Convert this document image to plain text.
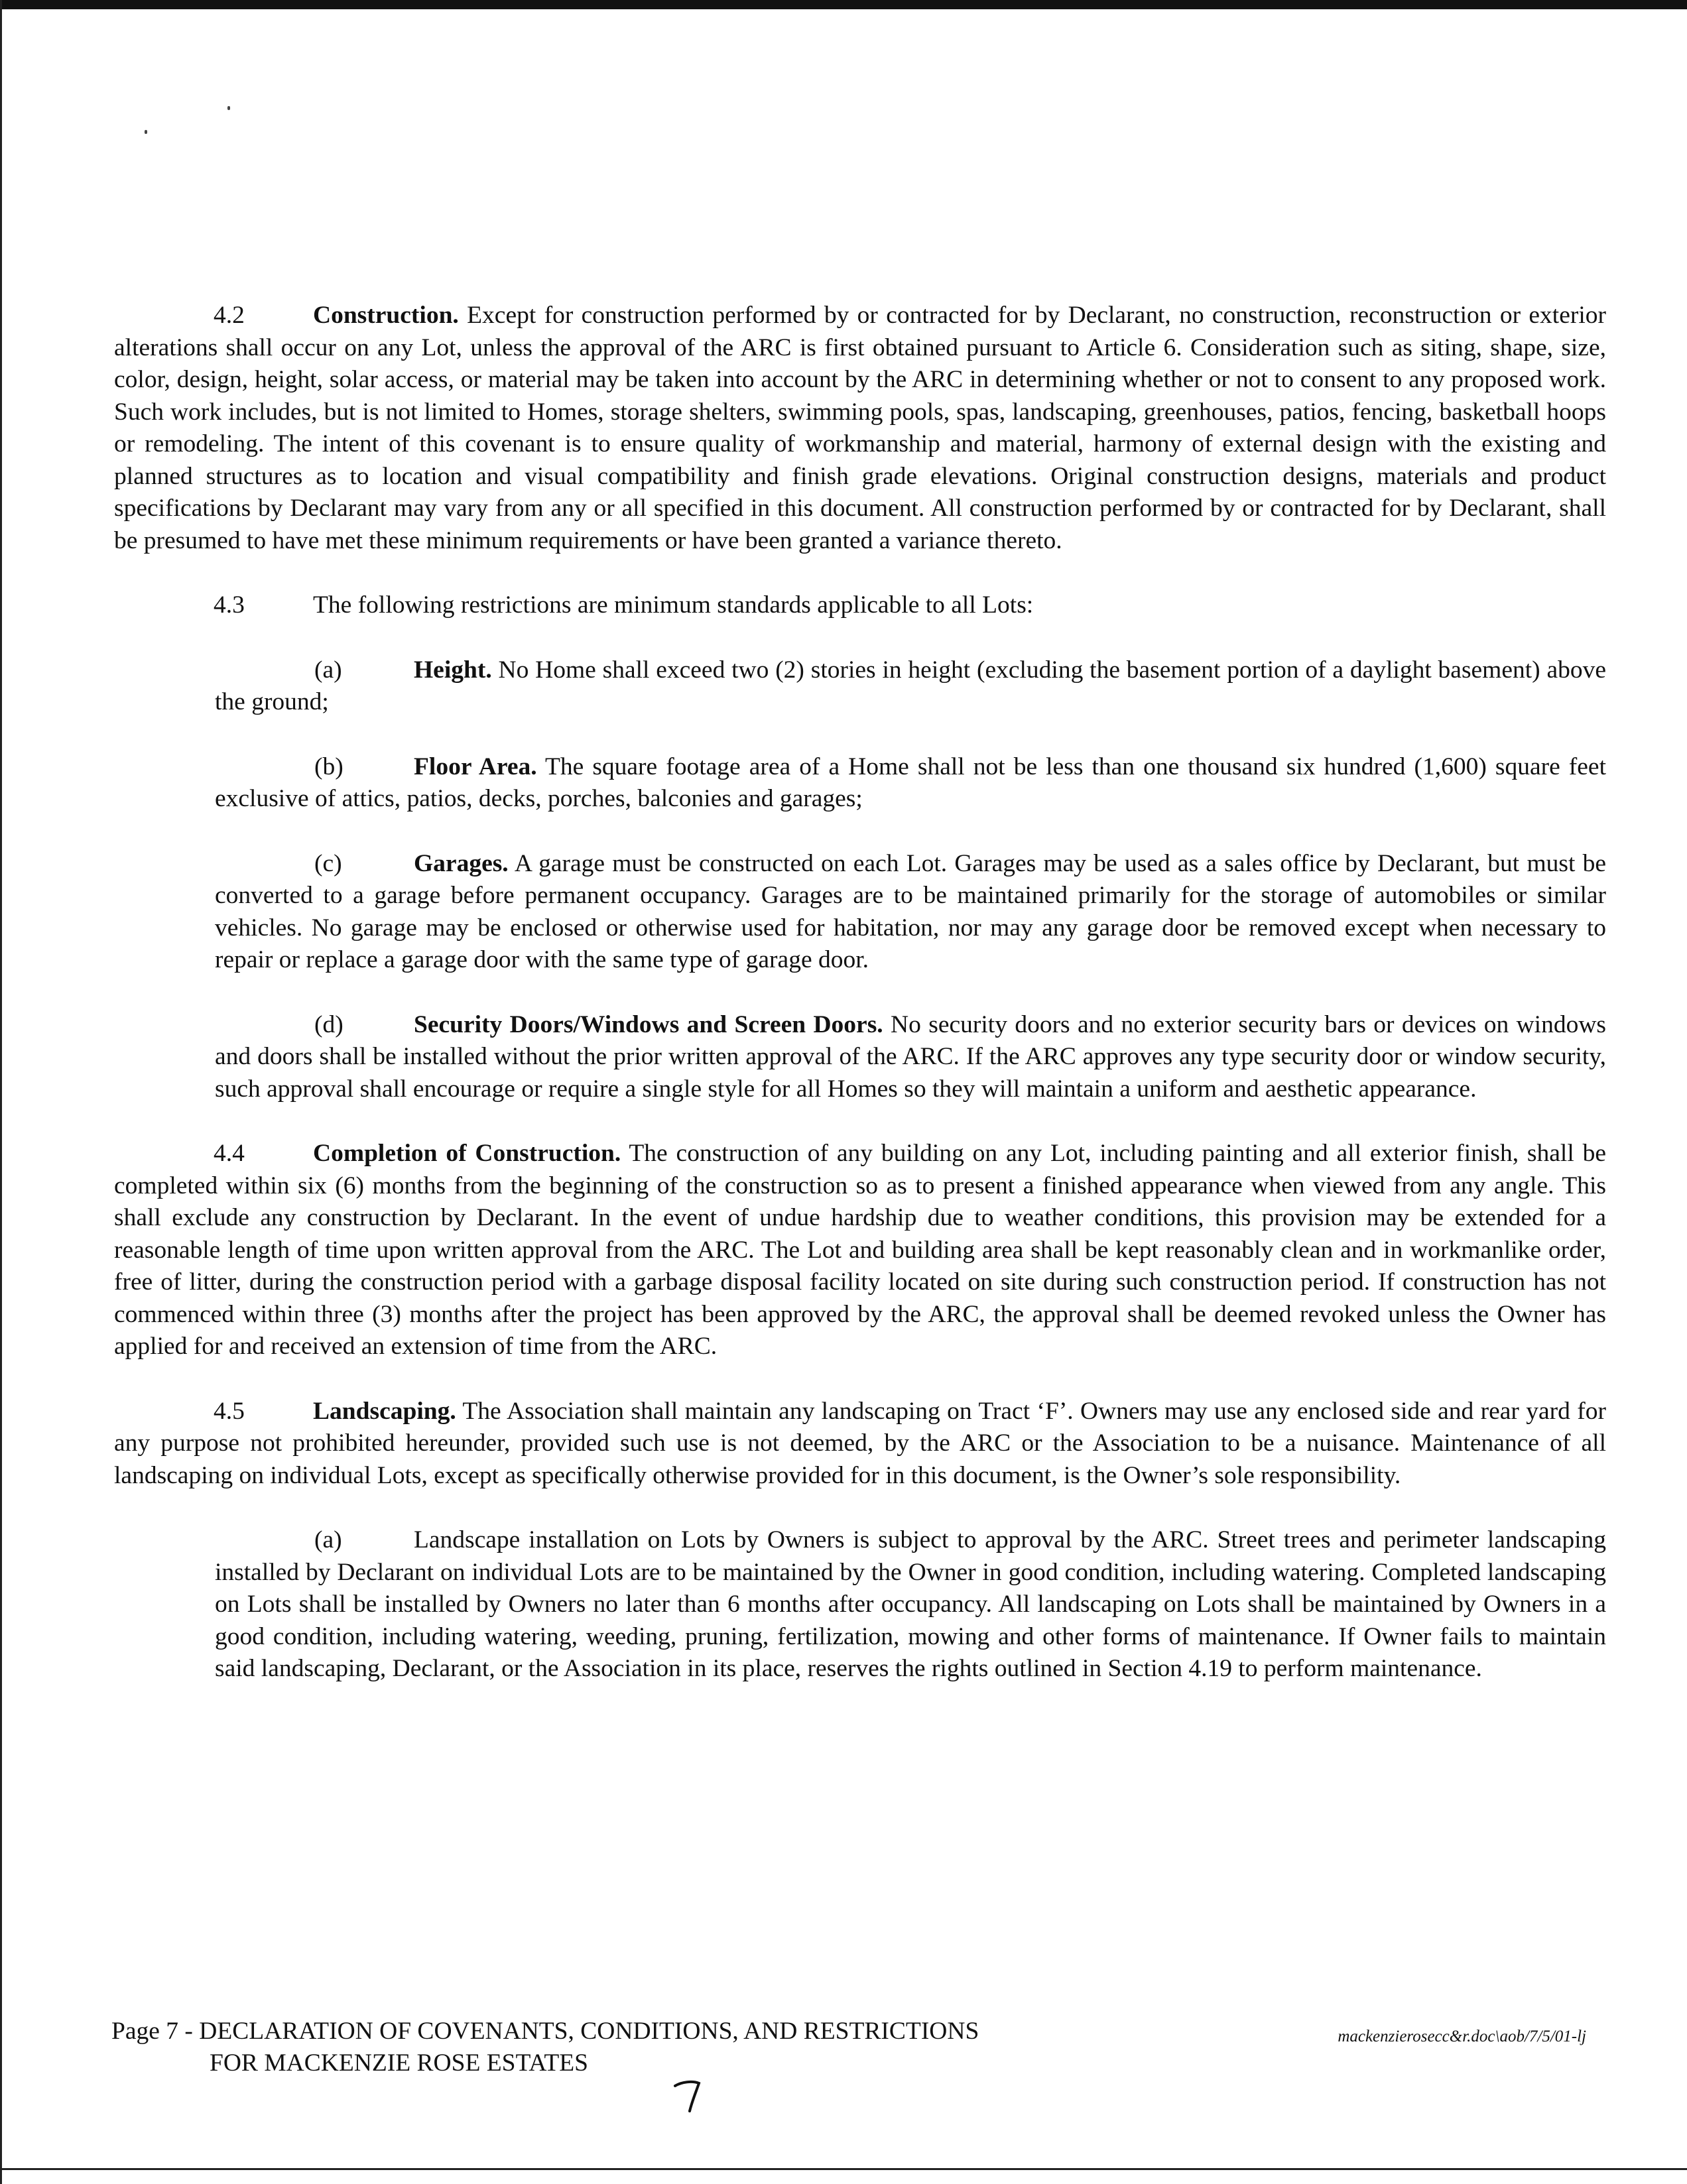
4.2	Construction. Except for construction performed by or contracted for by Declarant, no construction, reconstruction or exterior alterations shall occur on any Lot, unless the approval of the ARC is first obtained pursuant to Article 6. Consideration such as siting, shape, size, color, design, height, solar access, or material may be taken into account by the ARC in determining whether or not to consent to any proposed work. Such work includes, but is not limited to Homes, storage shelters, swimming pools, spas, landscaping, greenhouses, patios, fencing, basketball hoops or remodeling. The intent of this covenant is to ensure quality of workmanship and material, harmony of external design with the existing and planned structures as to location and visual compatibility and finish grade elevations. Original construction designs, materials and product specifications by Declarant may vary from any or all specified in this document. All construction performed by or contracted for by Declarant, shall be presumed to have met these minimum requirements or have been granted a variance thereto.

4.3	The following restrictions are minimum standards applicable to all Lots:

(a)	Height. No Home shall exceed two (2) stories in height (excluding the basement portion of a daylight basement) above the ground;

(b)	Floor Area. The square footage area of a Home shall not be less than one thousand six hundred (1,600) square feet exclusive of attics, patios, decks, porches, balconies and garages;

(c)	Garages. A garage must be constructed on each Lot. Garages may be used as a sales office by Declarant, but must be converted to a garage before permanent occupancy. Garages are to be maintained primarily for the storage of automobiles or similar vehicles. No garage may be enclosed or otherwise used for habitation, nor may any garage door be removed except when necessary to repair or replace a garage door with the same type of garage door.

(d)	Security Doors/Windows and Screen Doors. No security doors and no exterior security bars or devices on windows and doors shall be installed without the prior written approval of the ARC. If the ARC approves any type security door or window security, such approval shall encourage or require a single style for all Homes so they will maintain a uniform and aesthetic appearance.

4.4	Completion of Construction. The construction of any building on any Lot, including painting and all exterior finish, shall be completed within six (6) months from the beginning of the construction so as to present a finished appearance when viewed from any angle. This shall exclude any construction by Declarant. In the event of undue hardship due to weather conditions, this provision may be extended for a reasonable length of time upon written approval from the ARC. The Lot and building area shall be kept reasonably clean and in workmanlike order, free of litter, during the construction period with a garbage disposal facility located on site during such construction period. If construction has not commenced within three (3) months after the project has been approved by the ARC, the approval shall be deemed revoked unless the Owner has applied for and received an extension of time from the ARC.

4.5	Landscaping. The Association shall maintain any landscaping on Tract ‘F’. Owners may use any enclosed side and rear yard for any purpose not prohibited hereunder, provided such use is not deemed, by the ARC or the Association to be a nuisance. Maintenance of all landscaping on individual Lots, except as specifically otherwise provided for in this document, is the Owner’s sole responsibility.

(a)	Landscape installation on Lots by Owners is subject to approval by the ARC. Street trees and perimeter landscaping installed by Declarant on individual Lots are to be maintained by the Owner in good condition, including watering. Completed landscaping on Lots shall be installed by Owners no later than 6 months after occupancy. All landscaping on Lots shall be maintained by Owners in a good condition, including watering, weeding, pruning, fertilization, mowing and other forms of maintenance. If Owner fails to maintain said landscaping, Declarant, or the Association in its place, reserves the rights outlined in Section 4.19 to perform maintenance.

Page 7 - DECLARATION OF COVENANTS, CONDITIONS, AND RESTRICTIONS
FOR MACKENZIE ROSE ESTATES
mackenzierosecc&r.doc\aob/7/5/01-lj
